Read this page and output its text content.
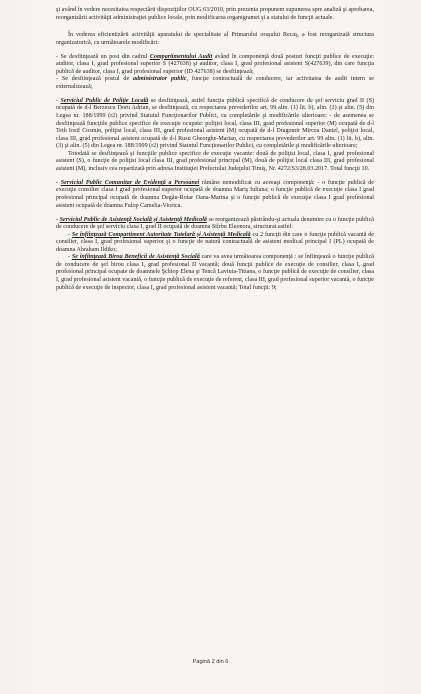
şi având în vedere necesitatea respectării dispoziţiilor OUG 63/2010, prin prezenta propunem supunerea spre analiză şi aprobarea, reorganizării activităţii administraţiei publice locale, prin modificarea organigramei şi a statului de funcţii actuale.

În vederea eficientizării activităţii aparatului de specialitate al Primarului oraşului Recaş, a fost reorganizată structura organizatorică, cu următoarele modificări:

- Se desfiinţează un post din cadrul Compartimentului Audit având în componenţă două posturi funcţii publice de execuţie: auditor, clasa I, grad profesional superior S (427638) şi auditor, clasa I, grad profesional asistent S(427639), din care funcţia publică de auditor, clasa I, grad profesional superior (ID 427638) se desfiinţează;

- Se desfiinţează postul de administrator public, funcţie contractuală de conducere, iar activitatea de audit intern se externalizează;

- Serviciul Public de Poliţie Locală se desfiinţează, astfel funcţia publică specifică de conducere de şef serviciu grad II (S) ocupată de d-l Berzescu Doru Adrian, se desfiinţează, cu respectarea prevederilor art. 99 alin. (1) lit. b), alin. (3) şi alin. (5) din Legea nr. 188/1999 (r2) privind Statutul Funcţionarilor Publici, cu completările şi modificările ulterioare; - de asemenea se desfiinţează funcţiile publice specifice de execuţie ocupate: poliţist local, clasa III, grad profesional superior (M) ocupată de d-l Teth Iosif Cosmin, poliţist local, clasa III, grad profesional asistent (M) ocupată de d-l Dragomir Mircea Daniel, poliţist local, clasa III, grad profesional asistent ocupată de d-l Rusu Gheorghe-Marian, cu respectarea prevederilor art. 99 alin. (1) lit. b), alin. (3) şi alin. (5) din Legea nr. 188/1999 (r2) privind Statutul Funcţionarilor Publici, cu completările şi modificările ulterioare;

Totodată se desfiinţează şi funcţiile publice specifice de execuţie vacante: două de poliţist local, clasa I, grad profesional asistent (S), o funcţie de poliţist local clasa III, grad profesional principal (M), două de poliţist local clasa III, grad profesional asistent (M), inclusiv cea repartizată prin adresa Instituţiei Prefectului Judeţului Timiş, Nr. 4272/S3/28.03.2017. Total funcţii 10.

- Serviciul Public Comunitar de Evidenţă a Persoanei rămâne nemodificat cu aceeaşi componenţă: - o funcţie publică de execuţie consilier clasa I grad profesional superior ocupată de doamna Mariş Iuliana; o funcţie publică de execuţie clasa I grad profesional principal ocupată de doamna Degău-Rotar Oana-Marina şi o funcţie publică de execuţie clasa I grad profesional asistent ocupată de doamna Fulop Camelia-Viorica.

- Serviciul Public de Asistenţă Socială şi Asistenţă Medicală se reorganizează păstrându-şi actuala denumire cu o funcţie publică de conducere de şef serviciu clasa I, grad II ocupată de doamna Stîrbu Eleonora, structurat astfel:

- Se înfiinţează Compartiment Autoritate Tutelară şi Asistenţă Medicală cu 2 funcţii din care o funcţie publică vacantă de consilier, clasa I, grad profesional superior şi o funcţie de natură contractuală de asistent medical principal I (PL) ocupată de doamna Abraham Ildiko;

- Se înfiinţează Birou Beneficii de Asistenţă Socială care va avea următoarea componenţă : se înfiinţează o funcţie publică de conducere de şef birou clasa I, grad profesional II vacantă; două funcţii publice de execuţie de consilier, clasa I, grad profesional principal ocupate de doamnele Şchiop Elena şi Tencă Lavinia-Titiana, o funcţie publică de execuţie de consilier, clasa I, grad profesional asistent vacantă, o funcţie publică de execuţie de referent, clasa III, grad profesional superior vacantă, o funcţie publică de execuţie de inspector, clasa I, grad profesional asistent vacantă; Total funcţii: 9;

Pagină 2 din 6
